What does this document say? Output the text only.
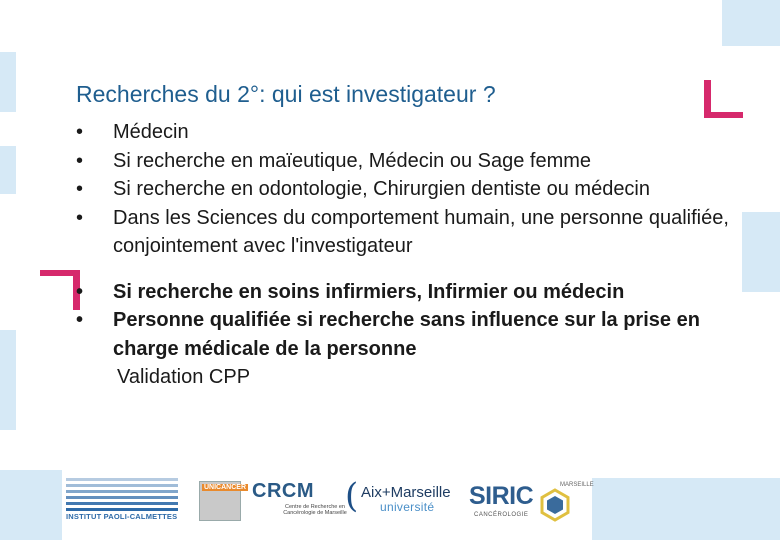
Recherches du 2°: qui est investigateur ?
•	Médecin
•	Si recherche en maïeutique, Médecin ou Sage femme
•	Si recherche en odontologie, Chirurgien dentiste ou médecin
•	Dans les Sciences du comportement humain, une personne qualifiée, conjointement avec l'investigateur
•	Si recherche en soins infirmiers, Infirmier ou médecin
•	Personne qualifiée si recherche sans influence sur la prise en charge médicale de la personne
Validation CPP
INSTITUT PAOLI-CALMETTES
UNICANCER CRCM
Centre de Recherche en Cancérologie de Marseille
( Aix+Marseille
université SIRIC	MARSEILLE
CANCÉROLOGIE
